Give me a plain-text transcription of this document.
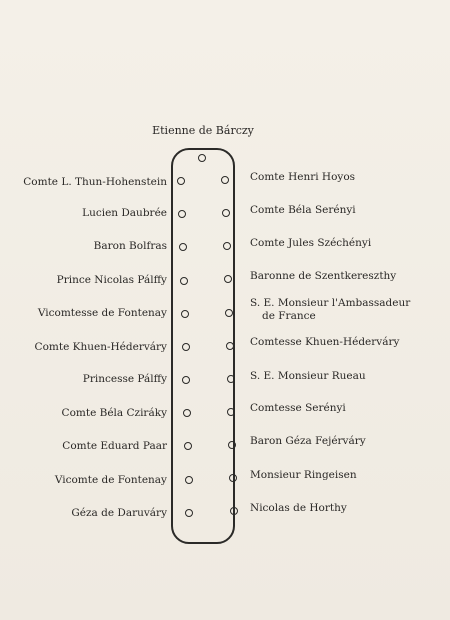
Etienne de Bárczy
Comte L. Thun-Hohenstein
Lucien Daubrée
Baron Bolfras
Prince Nicolas Pálffy
Vicomtesse de Fontenay
Comte Khuen-Héderváry
Princesse Pálffy
Comte Béla Cziráky
Comte Eduard Paar
Vicomte de Fontenay
Géza de Daruváry
Comte Henri Hoyos
Comte Béla Serényi
Comte Jules Széchényi
Baronne de Szentkereszthy
S. E. Monsieur l'Ambassadeur
de France
Comtesse Khuen-Héderváry
S. E. Monsieur Rueau
Comtesse Serényi
Baron Géza Fejérváry
Monsieur Ringeisen
Nicolas de Horthy
